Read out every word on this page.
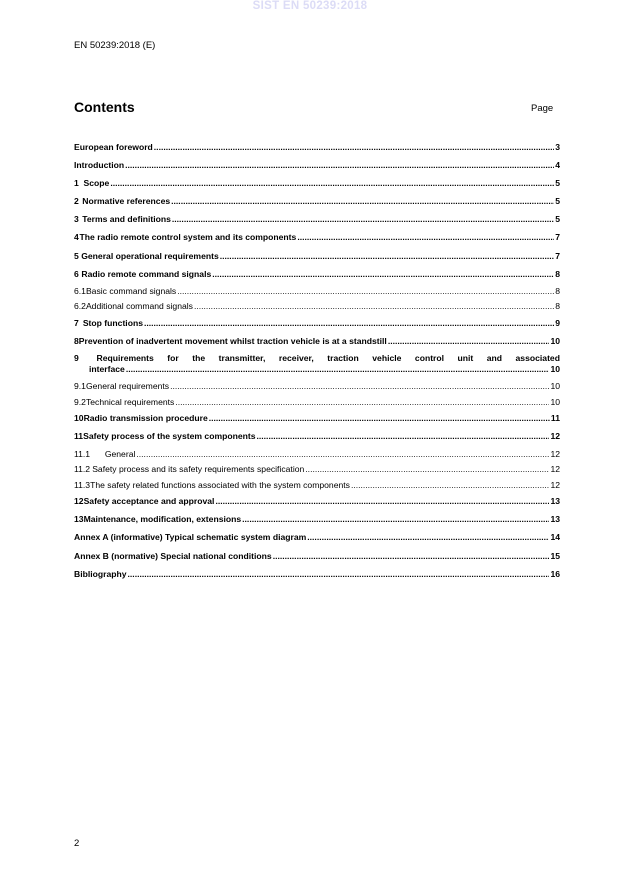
SIST EN 50239:2018
EN 50239:2018 (E)
Contents	Page
European foreword .....	3
Introduction .....	4
1 Scope .....	5
2 Normative references .....	5
3 Terms and definitions .....	5
4 The radio remote control system and its components .....	7
5 General operational requirements .....	7
6 Radio remote command signals .....	8
6.1 Basic command signals .....	8
6.2 Additional command signals .....	8
7 Stop functions .....	9
8 Prevention of inadvertent movement whilst traction vehicle is at a standstill .....	10
9	Requirements for the transmitter, receiver, traction vehicle control unit and associated
interface .....	10
9.1 General requirements .....	10
9.2 Technical requirements .....	10
10 Radio transmission procedure .....	11
11 Safety process of the system components .....	12
11.1	General .....	12
11.2 Safety process and its safety requirements specification .....	12
11.3 The safety related functions associated with the system components .....	12
12 Safety acceptance and approval .....	13
13 Maintenance, modification, extensions .....	13
Annex A (informative) Typical schematic system diagram .....	14
Annex B (normative) Special national conditions .....	15
Bibliography .....	16
2
